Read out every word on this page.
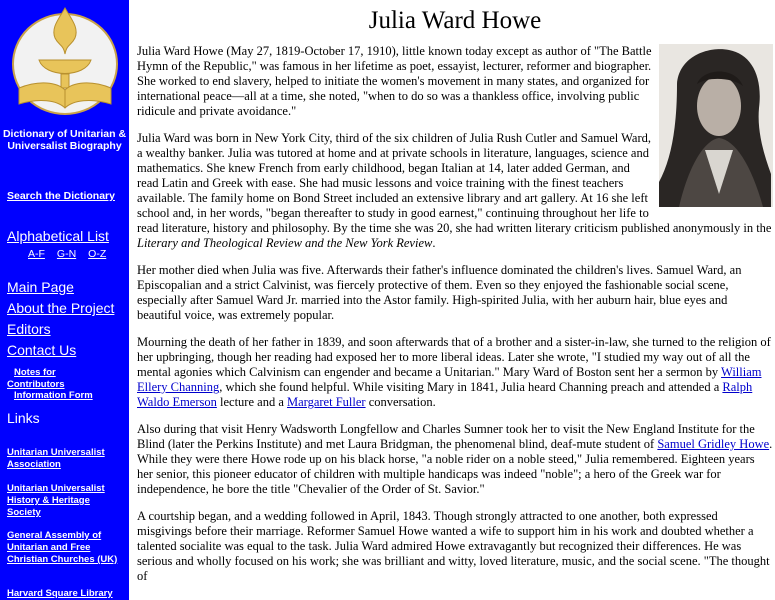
Dictionary of Unitarian & Universalist Biography
Search the Dictionary
Alphabetical List
A-F G-N O-Z
Main Page
About the Project
Editors
Contact Us
Notes for
Contributors
Information Form
Links
Unitarian Universalist Association
Unitarian Universalist History & Heritage Society
General Assembly of Unitarian and Free Christian Churches (UK)
Harvard Square Library
Julia Ward Howe

Julia Ward Howe (May 27, 1819-October 17, 1910), little known today except as author of "The Battle Hymn of the Republic," was famous in her lifetime as poet, essayist, lecturer, reformer and biographer. She worked to end slavery, helped to initiate the women's movement in many states, and organized for international peace—all at a time, she noted, "when to do so was a thankless office, involving public ridicule and private avoidance."

Julia Ward was born in New York City, third of the six children of Julia Rush Cutler and Samuel Ward, a wealthy banker. Julia was tutored at home and at private schools in literature, languages, science and mathematics. She knew French from early childhood, began Italian at 14, later added German, and read Latin and Greek with ease. She had music lessons and voice training with the finest teachers available. The family home on Bond Street included an extensive library and art gallery. At 16 she left school and, in her words, "began thereafter to study in good earnest," continuing throughout her life to read literature, history and philosophy. By the time she was 20, she had written literary criticism published anonymously in the Literary and Theological Review and the New York Review.

Her mother died when Julia was five. Afterwards their father's influence dominated the children's lives. Samuel Ward, an Episcopalian and a strict Calvinist, was fiercely protective of them. Even so they enjoyed the fashionable social scene, especially after Samuel Ward Jr. married into the Astor family. High-spirited Julia, with her auburn hair, blue eyes and beautiful voice, was extremely popular.

Mourning the death of her father in 1839, and soon afterwards that of a brother and a sister-in-law, she turned to the religion of her upbringing, though her reading had exposed her to more liberal ideas. Later she wrote, "I studied my way out of all the mental agonies which Calvinism can engender and became a Unitarian." Mary Ward of Boston sent her a sermon by William Ellery Channing, which she found helpful. While visiting Mary in 1841, Julia heard Channing preach and attended a Ralph Waldo Emerson lecture and a Margaret Fuller conversation.

Also during that visit Henry Wadsworth Longfellow and Charles Sumner took her to visit the New England Institute for the Blind (later the Perkins Institute) and met Laura Bridgman, the phenomenal blind, deaf-mute student of Samuel Gridley Howe. While they were there Howe rode up on his black horse, "a noble rider on a noble steed," Julia remembered. Eighteen years her senior, this pioneer educator of children with multiple handicaps was indeed "noble"; a hero of the Greek war for independence, he bore the title "Chevalier of the Order of St. Savior."

A courtship began, and a wedding followed in April, 1843. Though strongly attracted to one another, both expressed misgivings before their marriage. Reformer Samuel Howe wanted a wife to support him in his work and doubted whether a talented socialite was equal to the task. Julia Ward admired Howe extravagantly but recognized their differences. He was serious and wholly focused on his work; she was brilliant and witty, loved literature, music, and the social scene. "The thought of
